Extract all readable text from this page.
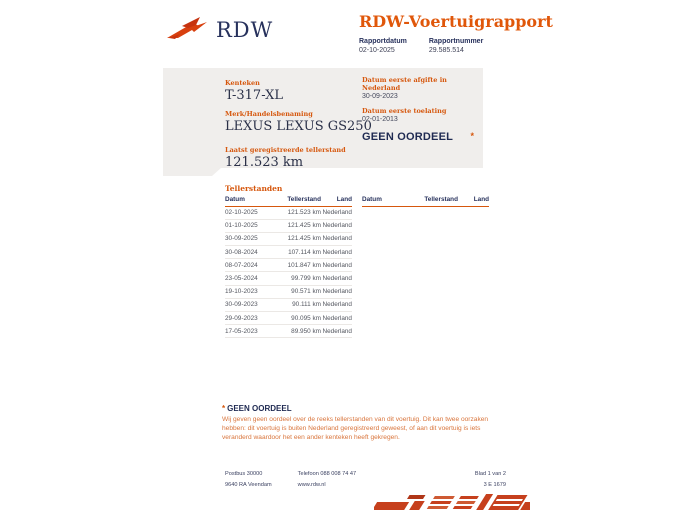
RDW	RDW-Voertuigrapport
Rapportdatum
02-10-2025
Rapportnummer
29.585.514
Kenteken
T-317-XL
Merk/Handelsbenaming
LEXUS LEXUS GS250
Laatst geregistreerde tellerstand
121.523 km
Datum eerste afgifte in Nederland
30-09-2023
Datum eerste toelating
02-01-2013
GEEN OORDEEL *
Tellerstanden
Datum	Tellerstand	Land
02-10-2025	121.523 km	Nederland
01-10-2025	121.425 km	Nederland
30-09-2025	121.425 km	Nederland
30-08-2024	107.114 km	Nederland
08-07-2024	101.847 km	Nederland
23-05-2024	99.799 km	Nederland
19-10-2023	90.571 km	Nederland
30-09-2023	90.111 km	Nederland
29-09-2023	90.095 km	Nederland
17-05-2023	89.950 km	Nederland
Datum	Tellerstand	Land
* GEEN OORDEEL
Wij geven geen oordeel over de reeks tellerstanden van dit voertuig. Dit kan twee oorzaken hebben: dit voertuig is buiten Nederland geregistreerd geweest, of aan dit voertuig is iets veranderd waardoor het een ander kenteken heeft gekregen.
Postbus 30000
9640 RA Veendam
Telefoon 088 008 74 47
www.rdw.nl
Blad 1 van 2
3 E 1679
